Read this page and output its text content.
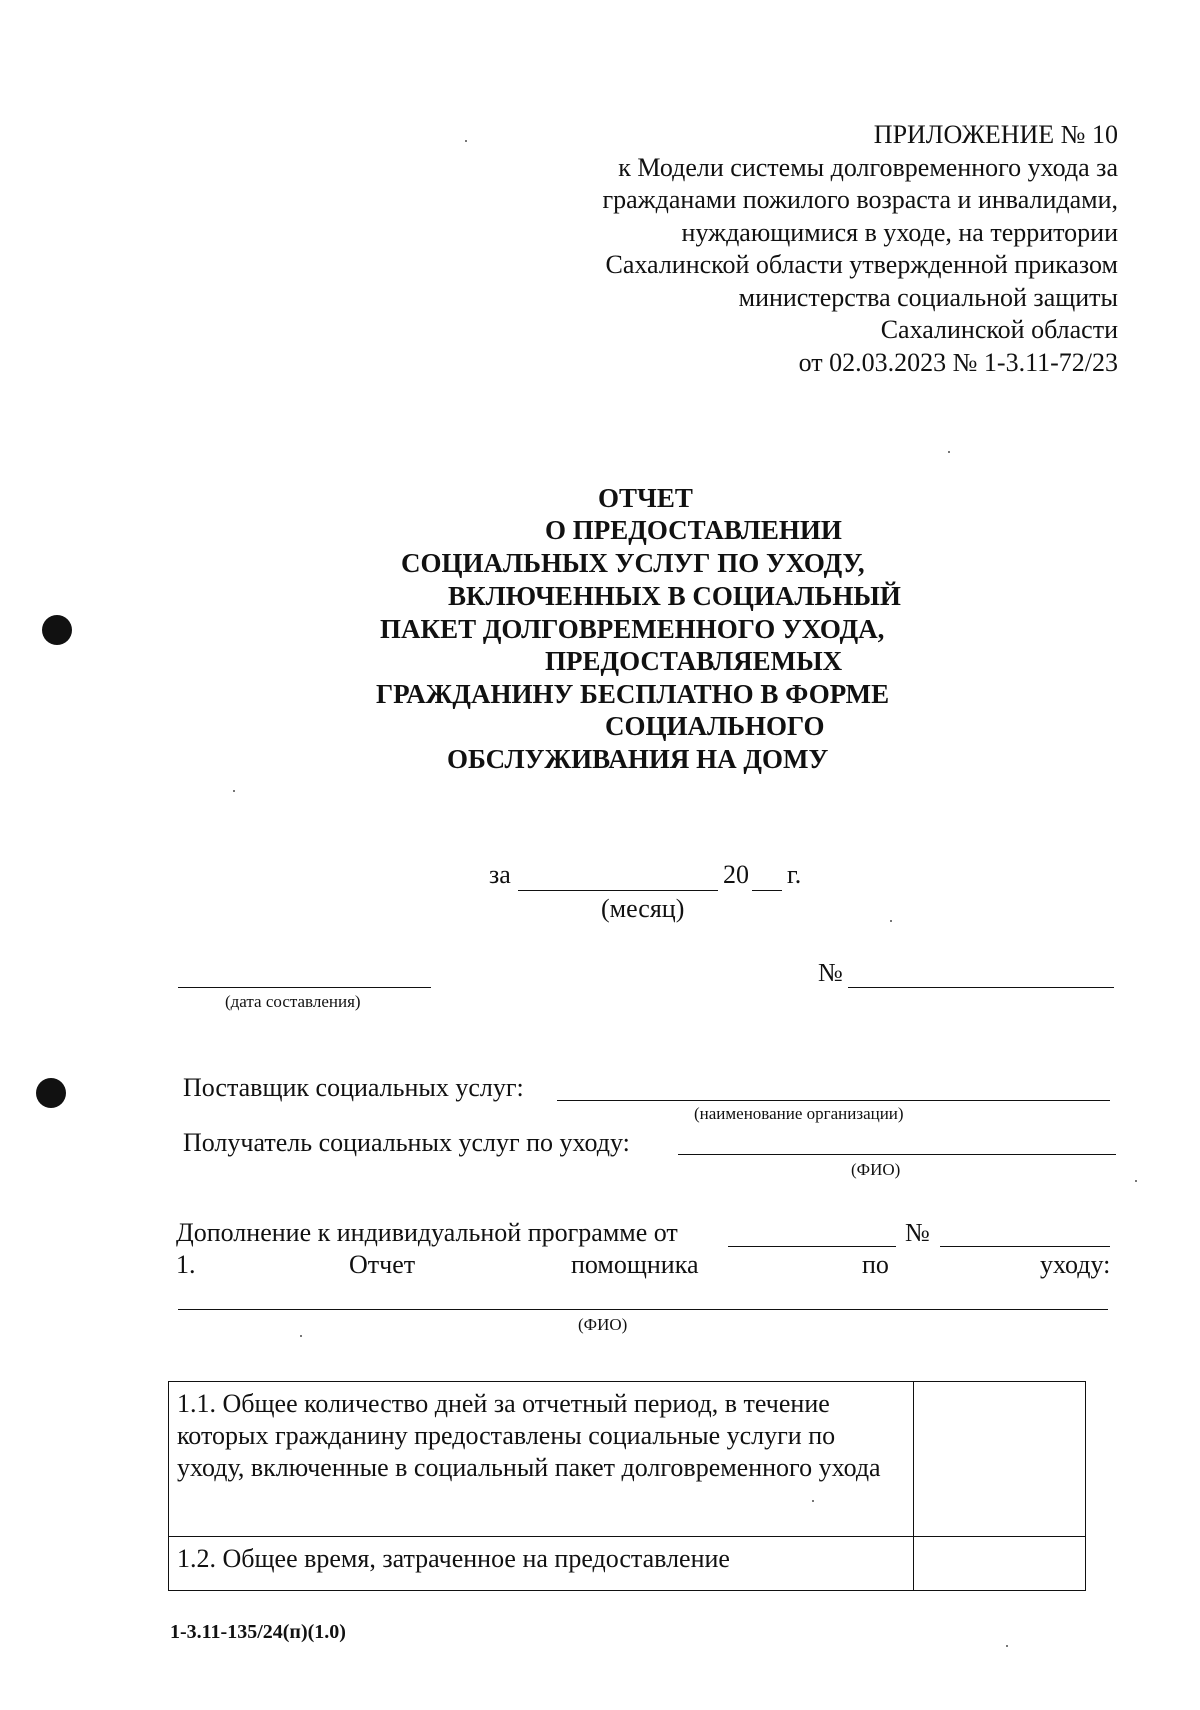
ПРИЛОЖЕНИЕ № 10
к Модели системы долговременного ухода за
гражданами пожилого возраста и инвалидами,
нуждающимися в уходе, на территории
Сахалинской области утвержденной приказом
министерства социальной защиты
Сахалинской области
от 02.03.2023 № 1-3.11-72/23
ОТЧЕТ
О ПРЕДОСТАВЛЕНИИ
СОЦИАЛЬНЫХ УСЛУГ ПО УХОДУ,
ВКЛЮЧЕННЫХ В СОЦИАЛЬНЫЙ
ПАКЕТ ДОЛГОВРЕМЕННОГО УХОДА,
ПРЕДОСТАВЛЯЕМЫХ
ГРАЖДАНИНУ БЕСПЛАТНО В ФОРМЕ
СОЦИАЛЬНОГО
ОБСЛУЖИВАНИЯ НА ДОМУ
за	20 г.
(месяц)
(дата составления)
№
Поставщик социальных услуг:
(наименование организации)
Получатель социальных услуг по уходу:
(ФИО)
Дополнение к индивидуальной программе от	№
1.	Отчет	помощника	по	уходу:
(ФИО)
1.1. Общее количество дней за отчетный период, в течение которых гражданину предоставлены социальные услуги по уходу, включенные в социальный пакет долговременного ухода	
1.2. Общее время, затраченное на предоставление	
1-3.11-135/24(п)(1.0)
